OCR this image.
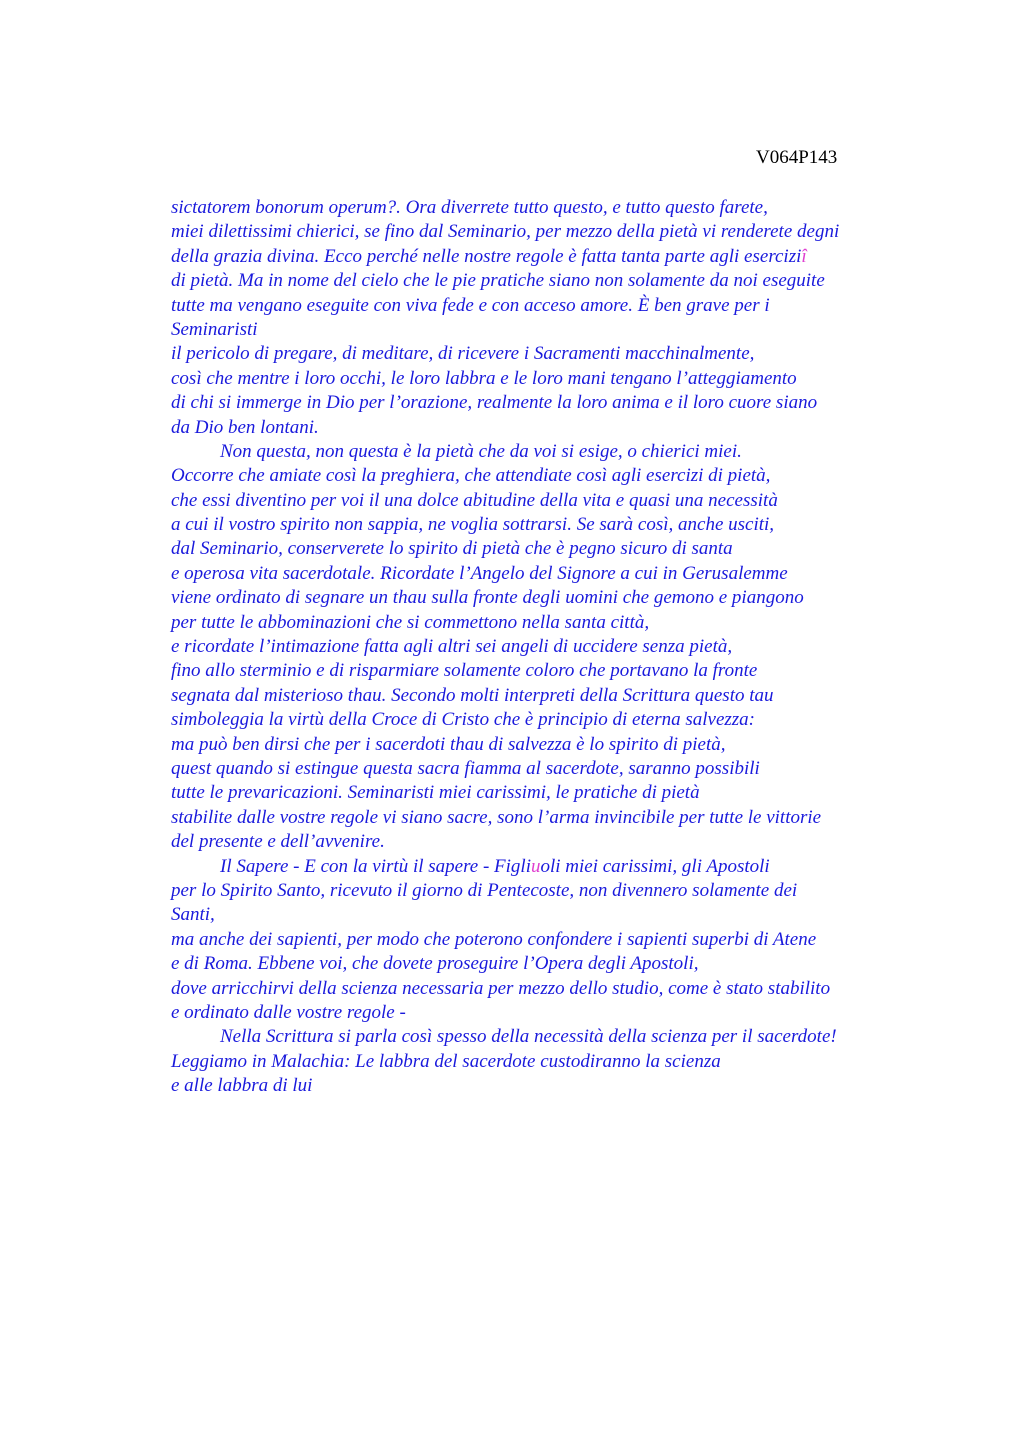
V064P143
sictatorem bonorum operum?. Ora diverrete tutto questo, e tutto questo farete,
miei dilettissimi chierici, se fino dal Seminario, per mezzo della pietà vi renderete degni
della grazia divina. Ecco perché nelle nostre regole è fatta tanta parte agli eserciziî
di pietà. Ma in nome del cielo che le pie pratiche siano non solamente da noi eseguite
tutte ma vengano eseguite con viva fede e con acceso amore. È ben grave per i
Seminaristi
il pericolo di pregare, di meditare, di ricevere i Sacramenti macchinalmente,
così che mentre i loro occhi, le loro labbra e le loro mani tengano l’atteggiamento
di chi si immerge in Dio per l’orazione, realmente la loro anima e il loro cuore siano
da Dio ben lontani.
Non questa, non questa è la pietà che da voi si esige, o chierici miei.
Occorre che amiate così la preghiera, che attendiate così agli esercizi di pietà,
che essi diventino per voi il una dolce abitudine della vita e quasi una necessità
a cui il vostro spirito non sappia, ne voglia sottrarsi. Se sarà così, anche usciti,
dal Seminario, conserverete lo spirito di pietà che è pegno sicuro di santa
e operosa vita sacerdotale. Ricordate l’Angelo del Signore a cui in Gerusalemme
viene ordinato di segnare un thau sulla fronte degli uomini che gemono e piangono
per tutte le abbominazioni che si commettono nella santa città,
e ricordate l’intimazione fatta agli altri sei angeli di uccidere senza pietà,
fino allo sterminio e di risparmiare solamente coloro che portavano la fronte
segnata dal misterioso thau. Secondo molti interpreti della Scrittura questo tau
simboleggia la virtù della Croce di Cristo che è principio di eterna salvezza:
ma può ben dirsi che per i sacerdoti thau di salvezza è lo spirito di pietà,
quest quando si estingue questa sacra fiamma al sacerdote, saranno possibili
tutte le prevaricazioni. Seminaristi miei carissimi, le pratiche di pietà
stabilite dalle vostre regole vi siano sacre, sono l’arma invincibile per tutte le vittorie
del presente e dell’avvenire.
Il Sapere - E con la virtù il sapere - Figliuoli miei carissimi, gli Apostoli
per lo Spirito Santo, ricevuto il giorno di Pentecoste, non divennero solamente dei
Santi,
ma anche dei sapienti, per modo che poterono confondere i sapienti superbi di Atene
e di Roma. Ebbene voi, che dovete proseguire l’Opera degli Apostoli,
dove arricchirvi della scienza necessaria per mezzo dello studio, come è stato stabilito
e ordinato dalle vostre regole -
Nella Scrittura si parla così spesso della necessità della scienza per il sacerdote!
Leggiamo in Malachia: Le labbra del sacerdote custodiranno la scienza
e alle labbra di lui
